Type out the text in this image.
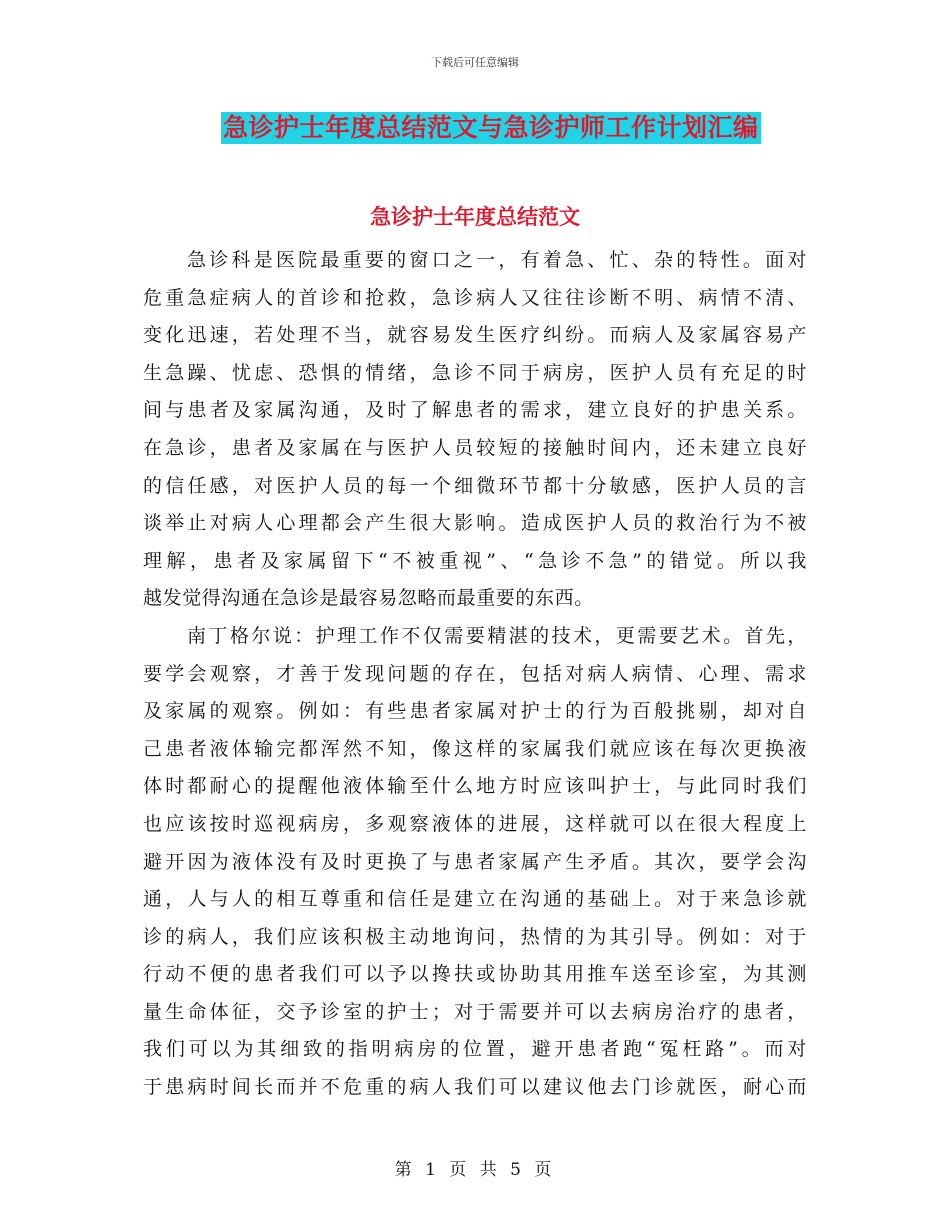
下载后可任意编辑
急诊护士年度总结范文与急诊护师工作计划汇编
急诊护士年度总结范文
急诊科是医院最重要的窗口之一，有着急、忙、杂的特性。面对
危重急症病人的首诊和抢救，急诊病人又往往诊断不明、病情不清、
变化迅速，若处理不当，就容易发生医疗纠纷。而病人及家属容易产
生急躁、忧虑、恐惧的情绪，急诊不同于病房，医护人员有充足的时
间与患者及家属沟通，及时了解患者的需求，建立良好的护患关系。
在急诊，患者及家属在与医护人员较短的接触时间内，还未建立良好
的信任感，对医护人员的每一个细微环节都十分敏感，医护人员的言
谈举止对病人心理都会产生很大影响。造成医护人员的救治行为不被
理解，患者及家属留下“不被重视”、“急诊不急”的错觉。所以我
越发觉得沟通在急诊是最容易忽略而最重要的东西。
南丁格尔说：护理工作不仅需要精湛的技术，更需要艺术。首先，
要学会观察，才善于发现问题的存在，包括对病人病情、心理、需求
及家属的观察。例如：有些患者家属对护士的行为百般挑剔，却对自
己患者液体输完都浑然不知，像这样的家属我们就应该在每次更换液
体时都耐心的提醒他液体输至什么地方时应该叫护士，与此同时我们
也应该按时巡视病房，多观察液体的进展，这样就可以在很大程度上
避开因为液体没有及时更换了与患者家属产生矛盾。其次，要学会沟
通，人与人的相互尊重和信任是建立在沟通的基础上。对于来急诊就
诊的病人，我们应该积极主动地询问，热情的为其引导。例如：对于
行动不便的患者我们可以予以搀扶或协助其用推车送至诊室，为其测
量生命体征，交予诊室的护士；对于需要并可以去病房治疗的患者，
我们可以为其细致的指明病房的位置，避开患者跑“冤枉路”。而对
于患病时间长而并不危重的病人我们可以建议他去门诊就医，耐心而
第 1 页 共 5 页
